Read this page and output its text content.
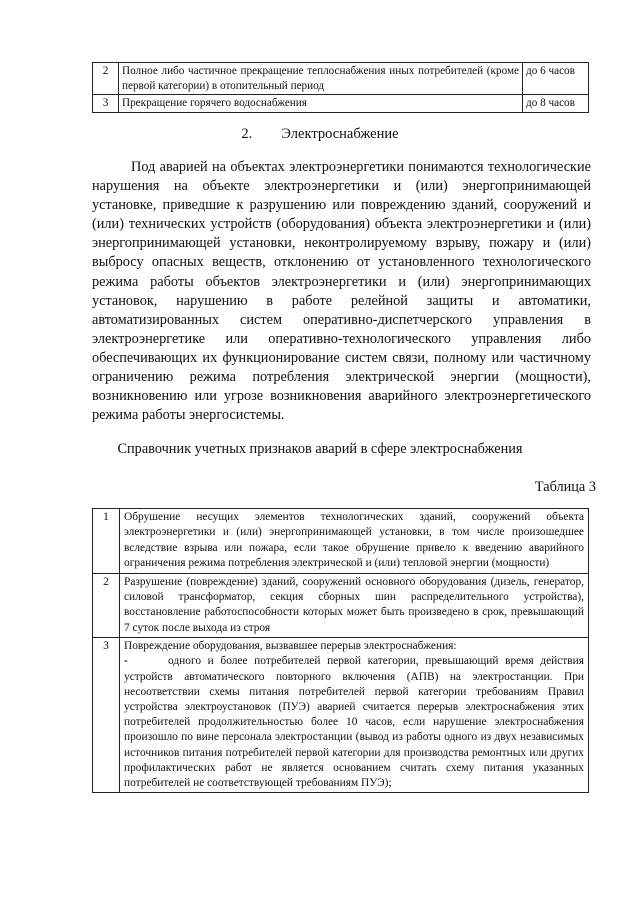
2	Полное либо частичное прекращение теплоснабжения иных потребителей (кроме первой категории) в отопительный период	до 6 часов
3	Прекращение горячего водоснабжения	до 8 часов
2. Электроснабжение

Под аварией на объектах электроэнергетики понимаются технологические нарушения на объекте электроэнергетики и (или) энергопринимающей установке, приведшие к разрушению или повреждению зданий, сооружений и (или) технических устройств (оборудования) объекта электроэнергетики и (или) энергопринимающей установки, неконтролируемому взрыву, пожару и (или) выбросу опасных веществ, отклонению от установленного технологического режима работы объектов электроэнергетики и (или) энергопринимающих установок, нарушению в работе релейной защиты и автоматики, автоматизированных систем оперативно-диспетчерского управления в электроэнергетике или оперативно-технологического управления либо обеспечивающих их функционирование систем связи, полному или частичному ограничению режима потребления электрической энергии (мощности), возникновению или угрозе возникновения аварийного электроэнергетического режима работы энергосистемы.

Справочник учетных признаков аварий в сфере электроснабжения
Таблица 3
1	Обрушение несущих элементов технологических зданий, сооружений объекта электроэнергетики и (или) энергопринимающей установки, в том числе произошедшее вследствие взрыва или пожара, если такое обрушение привело к введению аварийного ограничения режима потребления электрической и (или) тепловой энергии (мощности)
2	Разрушение (повреждение) зданий, сооружений основного оборудования (дизель, генератор, силовой трансформатор, секция сборных шин распределительного устройства), восстановление работоспособности которых может быть произведено в срок, превышающий 7 суток после выхода из строя
3	Повреждение оборудования, вызвавшее перерыв электроснабжения:
- одного и более потребителей первой категории, превышающий время действия устройств автоматического повторного включения (АПВ) на электростанции. При несоответствии схемы питания потребителей первой категории требованиям Правил устройства электроустановок (ПУЭ) аварией считается перерыв электроснабжения этих потребителей продолжительностью более 10 часов, если нарушение электроснабжения произошло по вине персонала электростанции (вывод из работы одного из двух независимых источников питания потребителей первой категории для производства ремонтных или других профилактических работ не является основанием считать схему питания указанных потребителей не соответствующей требованиям ПУЭ);
